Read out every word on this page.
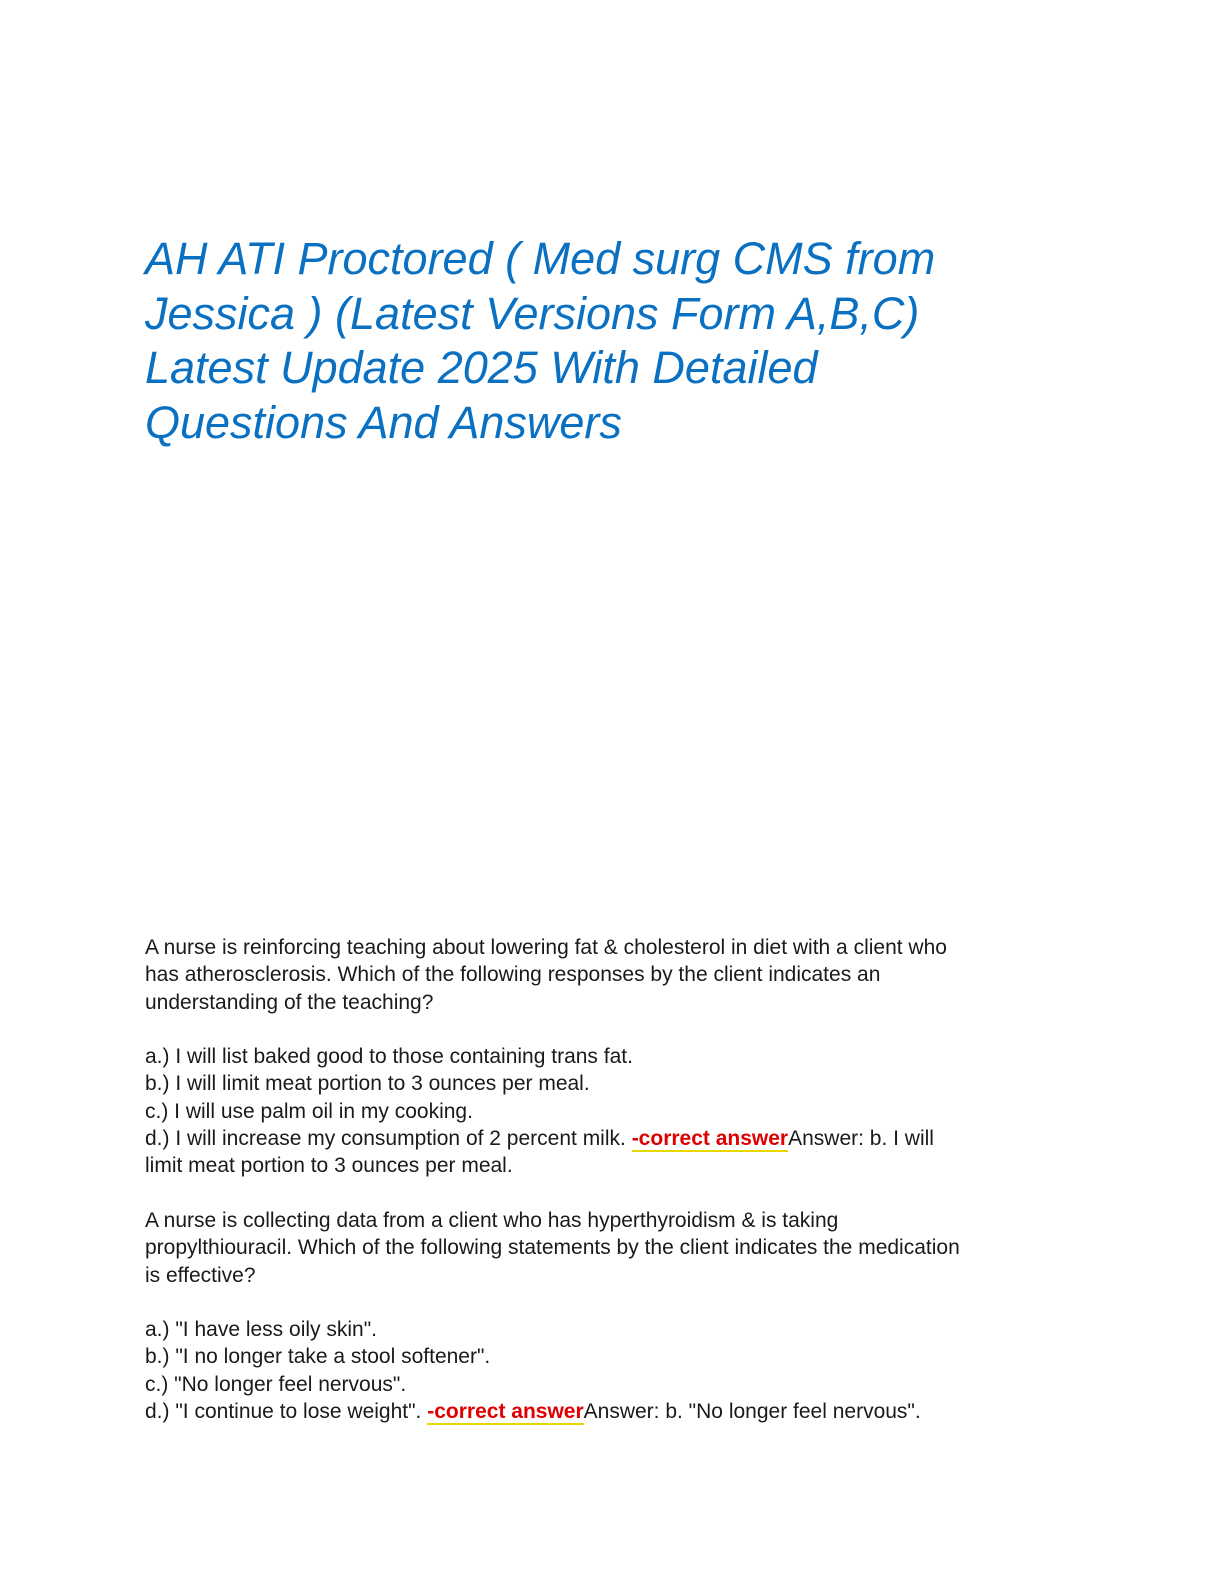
AH ATI Proctored ( Med surg CMS from
Jessica ) (Latest Versions Form A,B,C)
Latest Update 2025 With Detailed
Questions And Answers
A nurse is reinforcing teaching about lowering fat & cholesterol in diet with a client who
has atherosclerosis. Which of the following responses by the client indicates an
understanding of the teaching?
a.) I will list baked good to those containing trans fat.
b.) I will limit meat portion to 3 ounces per meal.
c.) I will use palm oil in my cooking.
d.) I will increase my consumption of 2 percent milk. -correct answerAnswer: b. I will
limit meat portion to 3 ounces per meal.
A nurse is collecting data from a client who has hyperthyroidism & is taking
propylthiouracil. Which of the following statements by the client indicates the medication
is effective?
a.) "I have less oily skin".
b.) "I no longer take a stool softener".
c.) "No longer feel nervous".
d.) "I continue to lose weight". -correct answerAnswer: b. "No longer feel nervous".
